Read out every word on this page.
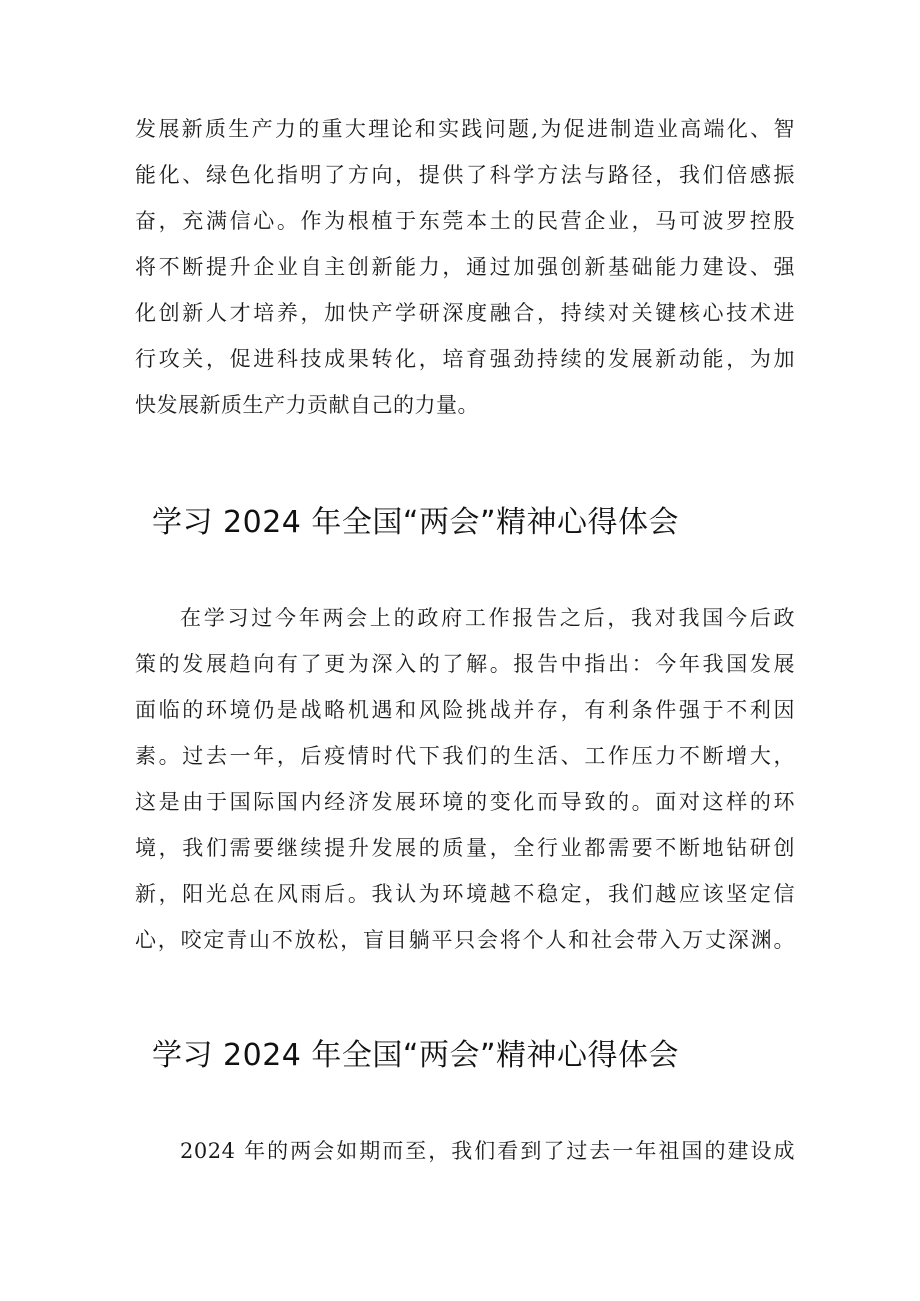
发展新质生产力的重大理论和实践问题,为促进制造业高端化、智
能化、绿色化指明了方向，提供了科学方法与路径，我们倍感振
奋，充满信心。作为根植于东莞本土的民营企业，马可波罗控股
将不断提升企业自主创新能力，通过加强创新基础能力建设、强
化创新人才培养，加快产学研深度融合，持续对关键核心技术进
行攻关，促进科技成果转化，培育强劲持续的发展新动能，为加
快发展新质生产力贡献自己的力量。
学习 2024 年全国“两会”精神心得体会
在学习过今年两会上的政府工作报告之后，我对我国今后政
策的发展趋向有了更为深入的了解。报告中指出：今年我国发展
面临的环境仍是战略机遇和风险挑战并存，有利条件强于不利因
素。过去一年，后疫情时代下我们的生活、工作压力不断增大，
这是由于国际国内经济发展环境的变化而导致的。面对这样的环
境，我们需要继续提升发展的质量，全行业都需要不断地钻研创
新，阳光总在风雨后。我认为环境越不稳定，我们越应该坚定信
心，咬定青山不放松，盲目躺平只会将个人和社会带入万丈深渊。
学习 2024 年全国“两会”精神心得体会
2024 年的两会如期而至，我们看到了过去一年祖国的建设成
